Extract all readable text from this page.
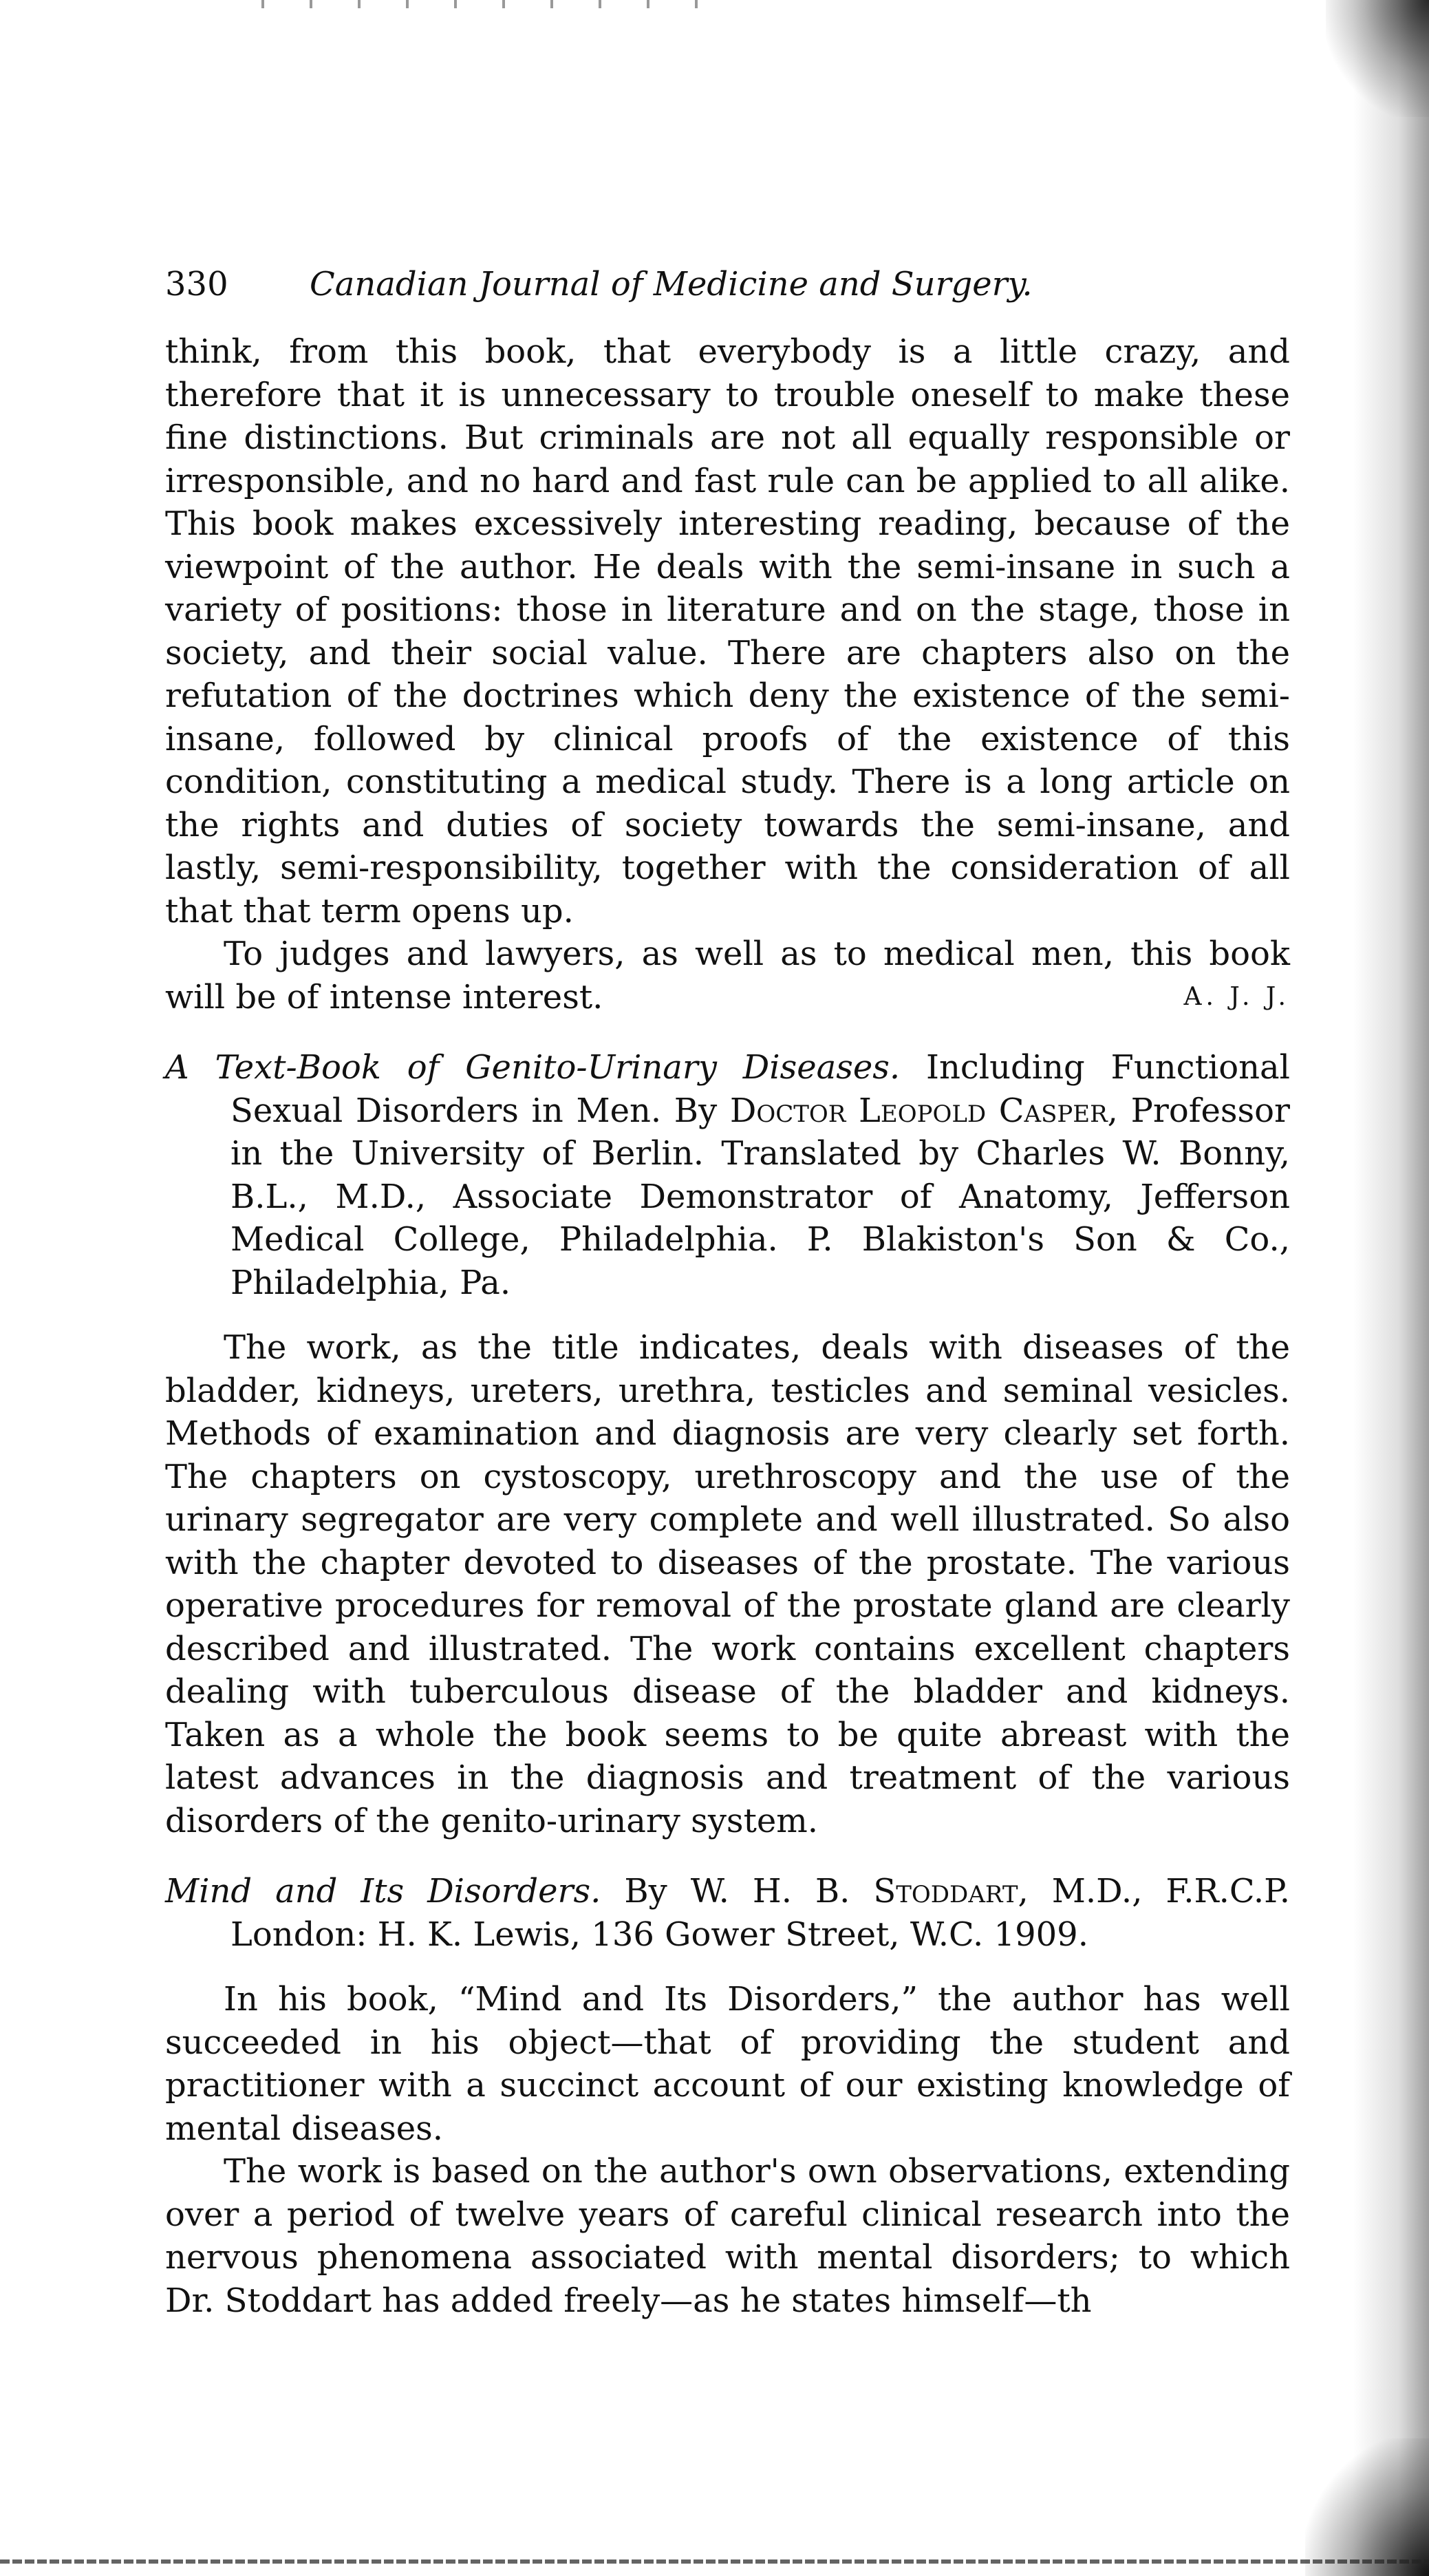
330 Canadian Journal of Medicine and Surgery.

think, from this book, that everybody is a little crazy, and therefore that it is unnecessary to trouble oneself to make these fine distinctions. But criminals are not all equally responsible or irresponsible, and no hard and fast rule can be applied to all alike. This book makes excessively interesting reading, because of the viewpoint of the author. He deals with the semi-insane in such a variety of positions: those in literature and on the stage, those in society, and their social value. There are chapters also on the refutation of the doctrines which deny the existence of the semi-insane, followed by clinical proofs of the existence of this condition, constituting a medical study. There is a long article on the rights and duties of society towards the semi-insane, and lastly, semi-responsibility, together with the consideration of all that that term opens up.

To judges and lawyers, as well as to medical men, this book will be of intense interest.	A. J. J.

A Text-Book of Genito-Urinary Diseases. Including Functional Sexual Disorders in Men. By Doctor Leopold Casper, Professor in the University of Berlin. Translated by Charles W. Bonny, B.L., M.D., Associate Demonstrator of Anatomy, Jefferson Medical College, Philadelphia. P. Blakiston's Son & Co., Philadelphia, Pa.

The work, as the title indicates, deals with diseases of the bladder, kidneys, ureters, urethra, testicles and seminal vesicles. Methods of examination and diagnosis are very clearly set forth. The chapters on cystoscopy, urethroscopy and the use of the urinary segregator are very complete and well illustrated. So also with the chapter devoted to diseases of the prostate. The various operative procedures for removal of the prostate gland are clearly described and illustrated. The work contains excellent chapters dealing with tuberculous disease of the bladder and kidneys. Taken as a whole the book seems to be quite abreast with the latest advances in the diagnosis and treatment of the various disorders of the genito-urinary system.

Mind and Its Disorders. By W. H. B. Stoddart, M.D., F.R.C.P. London: H. K. Lewis, 136 Gower Street, W.C. 1909.

In his book, “Mind and Its Disorders,” the author has well succeeded in his object—that of providing the student and practitioner with a succinct account of our existing knowledge of mental diseases.

The work is based on the author's own observations, extending over a period of twelve years of careful clinical research into the nervous phenomena associated with mental disorders; to which Dr. Stoddart has added freely—as he states himself—th
